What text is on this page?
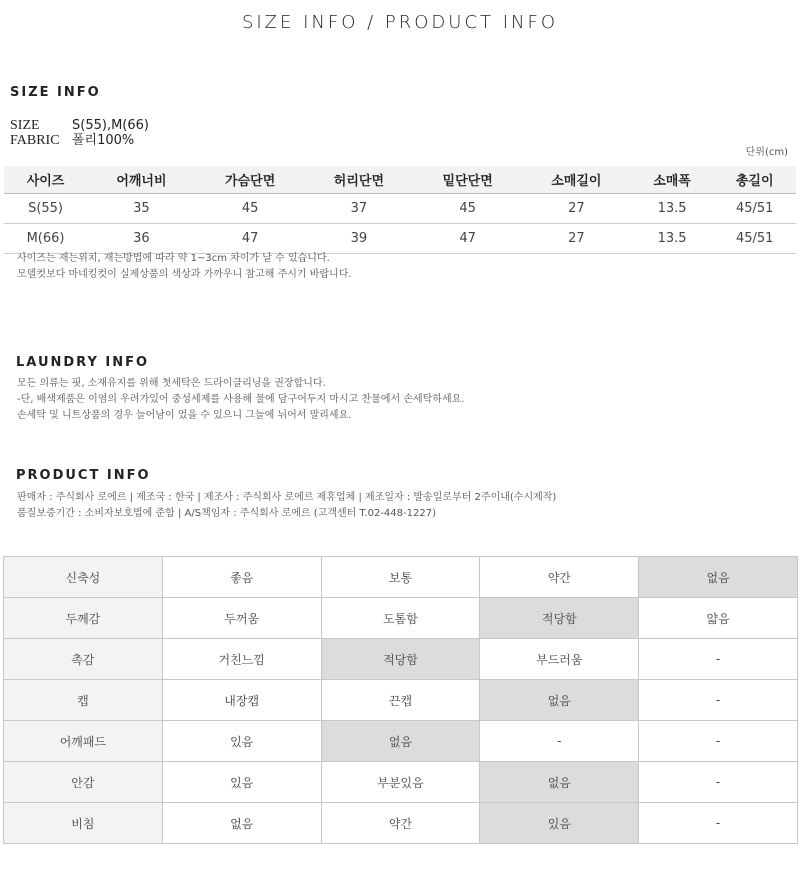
SIZE INFO / PRODUCT INFO
SIZE INFO
SIZE S(55),M(66)
FABRIC 폴리100%
단위(cm)
사이즈	어깨너비	가슴단면	허리단면	밑단단면	소매길이	소매폭	총길이
S(55)	35	45	37	45	27	13.5	45/51
M(66)	36	47	39	47	27	13.5	45/51
사이즈는 재는위치, 재는방법에 따라 약 1~3cm 차이가 날 수 있습니다.
모델컷보다 마네킹컷이 실제상품의 색상과 가까우니 참고해 주시기 바랍니다.
LAUNDRY INFO
모든 의류는 핏, 소재유지를 위해 첫세탁은 드라이클리닝을 권장합니다.
-단, 배색제품은 이염의 우려가있어 중성세제를 사용해 물에 담구어두지 마시고 찬물에서 손세탁하세요.
손세탁 및 니트상품의 경우 늘어남이 었을 수 있으니 그늘에 뉘어서 말리세요.
PRODUCT INFO
판매자 : 주식회사 로에르 | 제조국 : 한국 | 제조사 : 주식회사 로에르 제휴업체 | 제조일자 : 발송일로부터 2주이내(수시제작)
품질보증기간 : 소비자보호법에 준함 | A/S책임자 : 주식회사 로에르 (고객센터 T.02-448-1227)
신축성	좋음	보통	약간	없음
두께감	두꺼움	도톰함	적당함	얇음
촉감	거친느낌	적당함	부드러움	-
캡	내장캡	끈캡	없음	-
어깨패드	있음	없음	-	-
안감	있음	부분있음	없음	-
비침	없음	약간	있음	-
